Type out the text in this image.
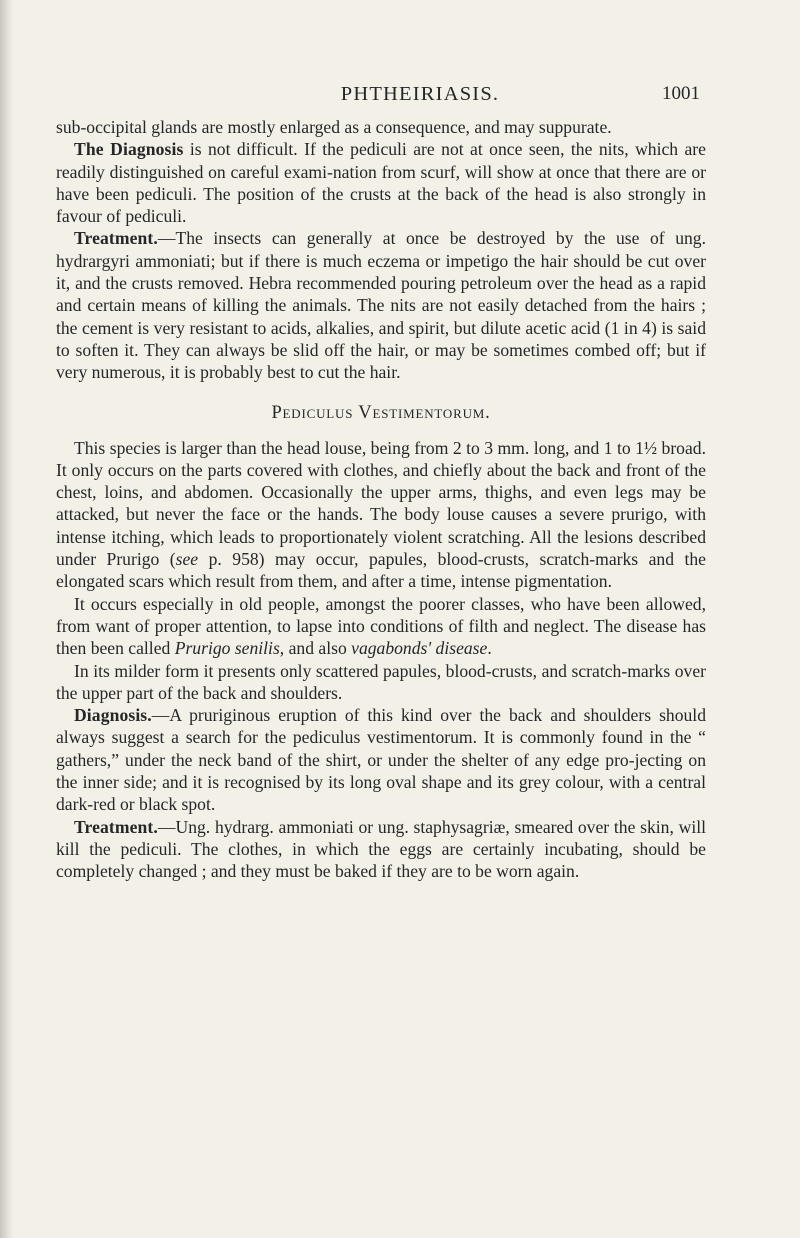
PHTHEIRIASIS.	1001

sub-occipital glands are mostly enlarged as a consequence, and may suppurate.

The Diagnosis is not difficult. If the pediculi are not at once seen, the nits, which are readily distinguished on careful exami-nation from scurf, will show at once that there are or have been pediculi. The position of the crusts at the back of the head is also strongly in favour of pediculi.

Treatment.—The insects can generally at once be destroyed by the use of ung. hydrargyri ammoniati; but if there is much eczema or impetigo the hair should be cut over it, and the crusts removed. Hebra recommended pouring petroleum over the head as a rapid and certain means of killing the animals. The nits are not easily detached from the hairs ; the cement is very resistant to acids, alkalies, and spirit, but dilute acetic acid (1 in 4) is said to soften it. They can always be slid off the hair, or may be sometimes combed off; but if very numerous, it is probably best to cut the hair.

Pediculus Vestimentorum.

This species is larger than the head louse, being from 2 to 3 mm. long, and 1 to 1½ broad. It only occurs on the parts covered with clothes, and chiefly about the back and front of the chest, loins, and abdomen. Occasionally the upper arms, thighs, and even legs may be attacked, but never the face or the hands. The body louse causes a severe prurigo, with intense itching, which leads to proportionately violent scratching. All the lesions described under Prurigo (see p. 958) may occur, papules, blood-crusts, scratch-marks and the elongated scars which result from them, and after a time, intense pigmentation.

It occurs especially in old people, amongst the poorer classes, who have been allowed, from want of proper attention, to lapse into conditions of filth and neglect. The disease has then been called Prurigo senilis, and also vagabonds' disease.

In its milder form it presents only scattered papules, blood-crusts, and scratch-marks over the upper part of the back and shoulders.

Diagnosis.—A pruriginous eruption of this kind over the back and shoulders should always suggest a search for the pediculus vestimentorum. It is commonly found in the “ gathers,” under the neck band of the shirt, or under the shelter of any edge pro-jecting on the inner side; and it is recognised by its long oval shape and its grey colour, with a central dark-red or black spot.

Treatment.—Ung. hydrarg. ammoniati or ung. staphysagriæ, smeared over the skin, will kill the pediculi. The clothes, in which the eggs are certainly incubating, should be completely changed ; and they must be baked if they are to be worn again.
